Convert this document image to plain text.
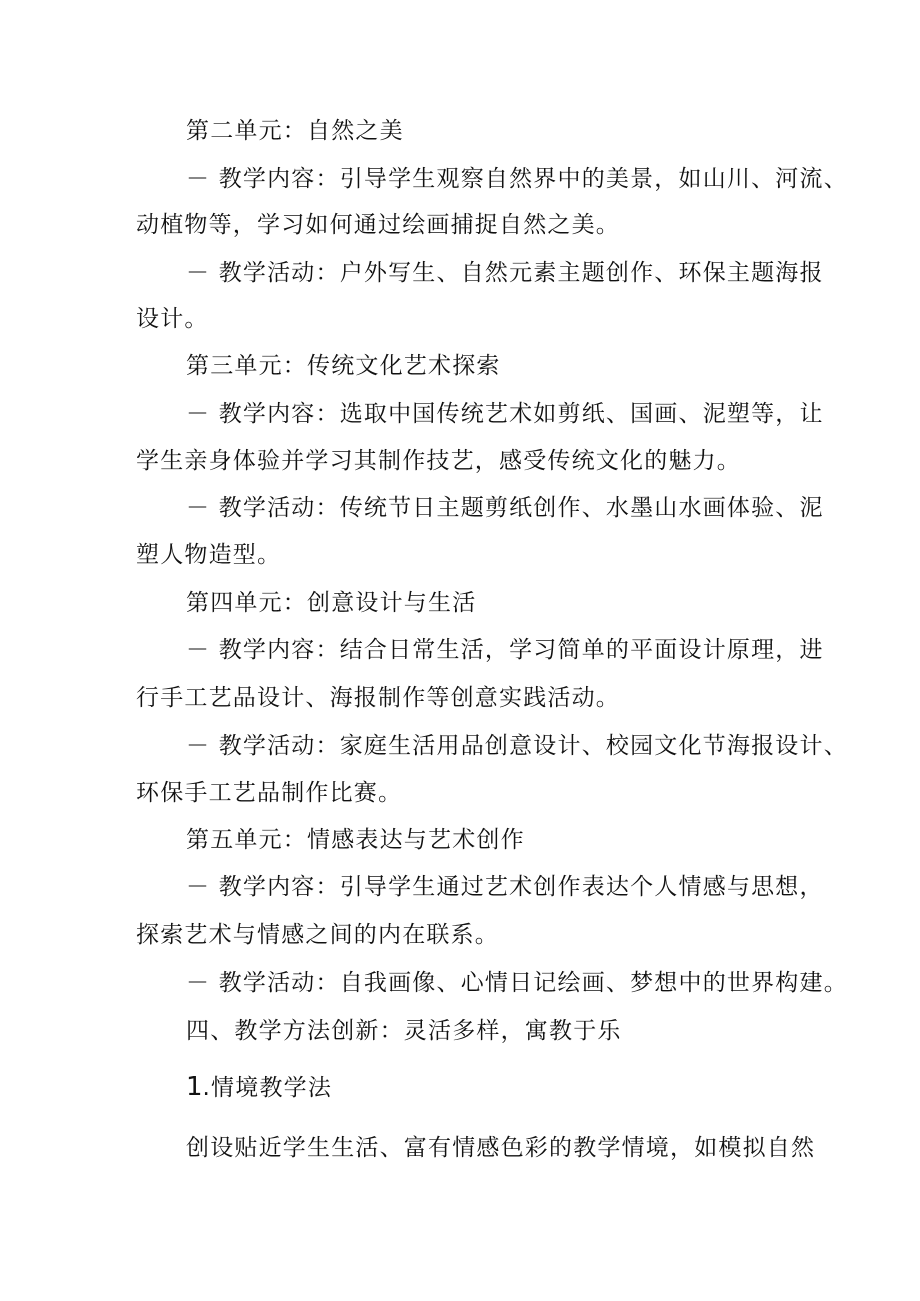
第二单元：自然之美
－ 教学内容：引导学生观察自然界中的美景，如山川、河流、
动植物等，学习如何通过绘画捕捉自然之美。
－ 教学活动：户外写生、自然元素主题创作、环保主题海报
设计。
第三单元：传统文化艺术探索
－ 教学内容：选取中国传统艺术如剪纸、国画、泥塑等，让
学生亲身体验并学习其制作技艺，感受传统文化的魅力。
－ 教学活动：传统节日主题剪纸创作、水墨山水画体验、泥
塑人物造型。
第四单元：创意设计与生活
－ 教学内容：结合日常生活，学习简单的平面设计原理，进
行手工艺品设计、海报制作等创意实践活动。
－ 教学活动：家庭生活用品创意设计、校园文化节海报设计、
环保手工艺品制作比赛。
第五单元：情感表达与艺术创作
－ 教学内容：引导学生通过艺术创作表达个人情感与思想，
探索艺术与情感之间的内在联系。
－ 教学活动：自我画像、心情日记绘画、梦想中的世界构建。
四、教学方法创新：灵活多样，寓教于乐
1.情境教学法
创设贴近学生生活、富有情感色彩的教学情境，如模拟自然
